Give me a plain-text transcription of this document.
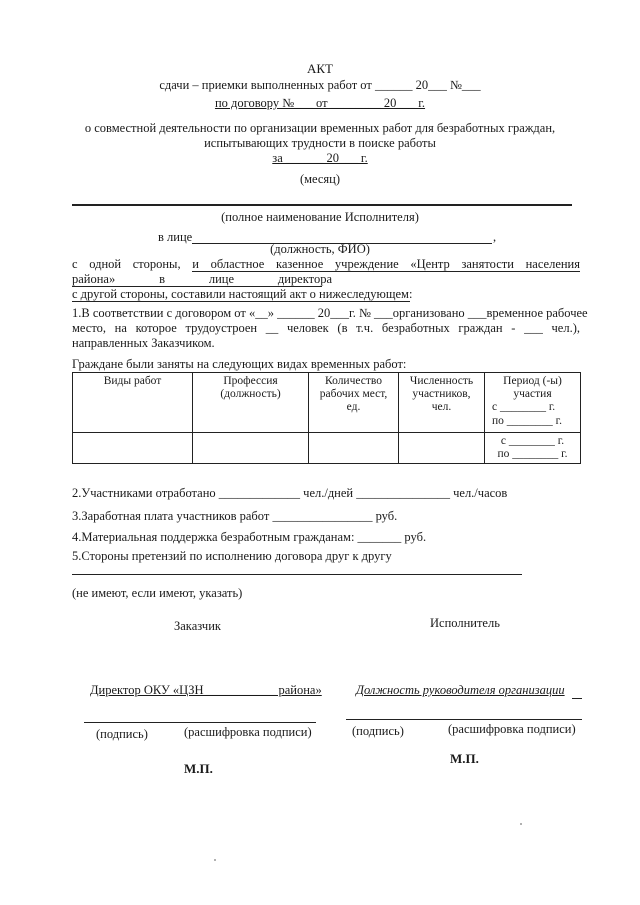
АКТ
сдачи – приемки выполненных работ от ______ 20___ №___
по договору №___ от ________ 20___ г.
о совместной деятельности по организации временных работ для безработных граждан,
испытывающих трудности в поиске работы
за ______ 20___ г.
(месяц)
(полное наименование Исполнителя)
в лице	,
(должность, ФИО)
с одной стороны, и областное казенное учреждение «Центр занятости населения
района» в лице директора
с другой стороны, составили настоящий акт о нижеследующем:
1.В соответствии с договором от «__» ______ 20___г. № ___организовано ___временное рабочее
место, на которое трудоустроен __ человек (в т.ч. безработных граждан - ___ чел.),
направленных Заказчиком.
Граждане были заняты на следующих видах временных работ:
Виды работ	Профессия (должность)	Количество рабочих мест, ед.	Численность участников, чел.	Период (-ы) участия
с ________ г.
по ________ г.

				с ________ г.
по ________ г.
2.Участниками отработано _____________ чел./дней _______________ чел./часов
3.Заработная плата участников работ ________________ руб.
4.Материальная поддержка безработным гражданам: _______ руб.
5.Стороны претензий по исполнению договора друг к другу
(не имеют, если имеют, указать)
Заказчик	Исполнитель
Директор ОКУ «ЦЗН ___________ района»	Должность руководителя организации
(подпись)	(расшифровка подписи)	(подпись)	(расшифровка подписи)
М.П.
М.П.
